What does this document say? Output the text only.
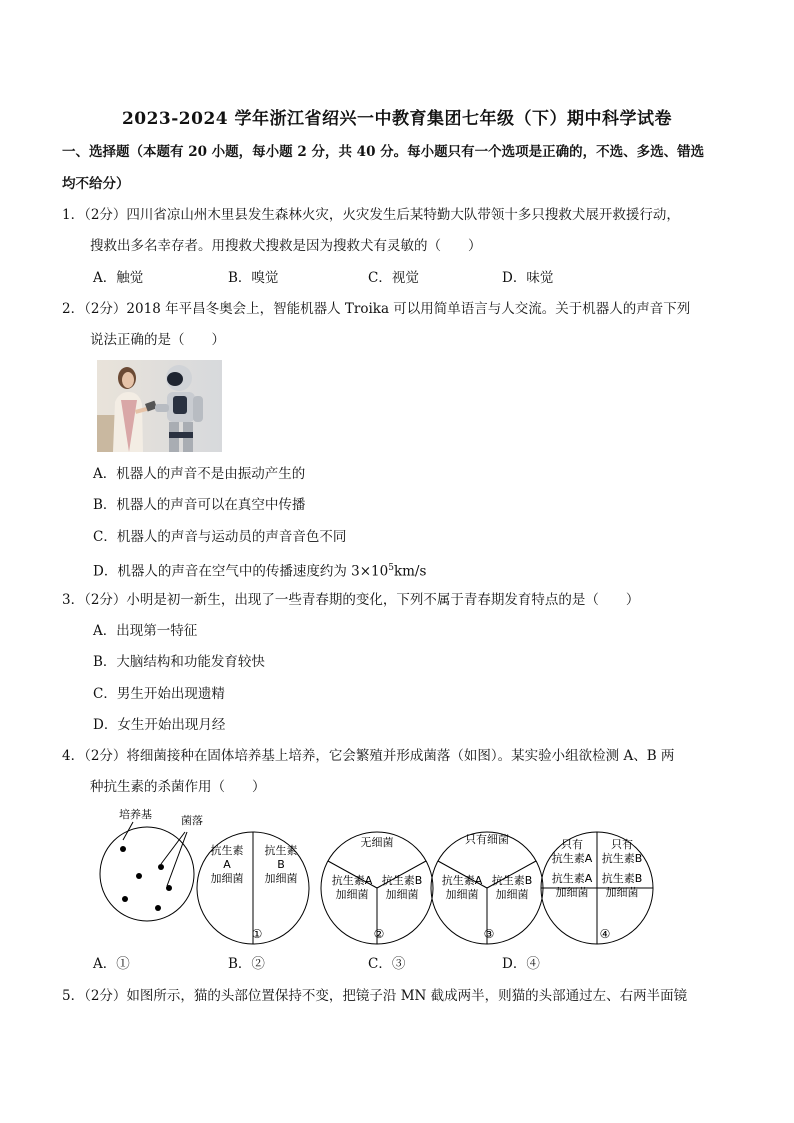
2023-2024 学年浙江省绍兴一中教育集团七年级（下）期中科学试卷
一、选择题（本题有 20 小题，每小题 2 分，共 40 分。每小题只有一个选项是正确的，不选、多选、错选
均不给分）
1．（2分）四川省凉山州木里县发生森林火灾，火灾发生后某特勤大队带领十多只搜救犬展开救援行动，
搜救出多名幸存者。用搜救犬搜救是因为搜救犬有灵敏的（　　）
A．触觉	B．嗅觉	C．视觉	D．味觉
2．（2分）2018 年平昌冬奥会上，智能机器人 Troika 可以用简单语言与人交流。关于机器人的声音下列
说法正确的是（　　）
A．机器人的声音不是由振动产生的
B．机器人的声音可以在真空中传播
C．机器人的声音与运动员的声音音色不同
D．机器人的声音在空气中的传播速度约为 $3\times 10^5km/s$
3．（2分）小明是初一新生，出现了一些青春期的变化，下列不属于青春期发育特点的是（　　）
A．出现第一特征
B．大脑结构和功能发育较快
C．男生开始出现遗精
D．女生开始出现月经
4．（2分）将细菌接种在固体培养基上培养，它会繁殖并形成菌落（如图）。某实验小组欲检测 A、B 两
种抗生素的杀菌作用（　　）
培养基	菌落
抗生素
A
加细菌
抗生素
B
加细菌
无细菌
抗生素A
加细菌
抗生素B
加细菌
只有细菌
抗生素A
加细菌
抗生素B
加细菌
只有
抗生素A
只有
抗生素B
抗生素A
加细菌
抗生素B
加细菌
①	②	③	④
A．①	B．②	C．③	D．④
5．（2分）如图所示，猫的头部位置保持不变，把镜子沿 MN 截成两半，则猫的头部通过左、右两半面镜
